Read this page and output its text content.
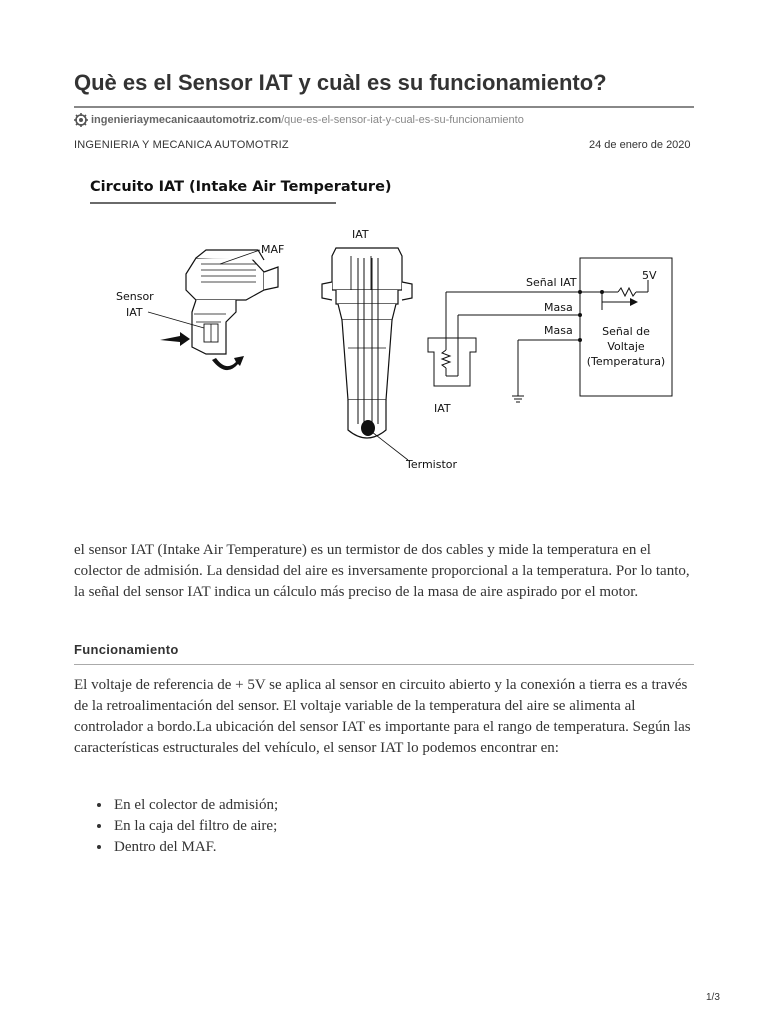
Què es el Sensor IAT y cuàl es su funcionamiento?
ingenieriaymecanicaautomotriz.com /que-es-el-sensor-iat-y-cual-es-su-funcionamiento
INGENIERIA Y MECANICA AUTOMOTRIZ	24 de enero de 2020
Circuito IAT (Intake Air Temperature)
MAF
Sensor
IAT
IAT
Termistor
Señal IAT
Masa
Masa
5V
Señal de
Voltaje
(Temperatura)
IAT

el sensor IAT (Intake Air Temperature) es un termistor de dos cables y mide la temperatura en el colector de admisión. La densidad del aire es inversamente proporcional a la temperatura. Por lo tanto, la señal del sensor IAT indica un cálculo más preciso de la masa de aire aspirado por el motor.

Funcionamiento

El voltaje de referencia de + 5V se aplica al sensor en circuito abierto y la conexión a tierra es a través de la retroalimentación del sensor. El voltaje variable de la temperatura del aire se alimenta al controlador a bordo.La ubicación del sensor IAT es importante para el rango de temperatura. Según las características estructurales del vehículo, el sensor IAT lo podemos encontrar en:

• En el colector de admisión;
• En la caja del filtro de aire;
• Dentro del MAF.
1/3
